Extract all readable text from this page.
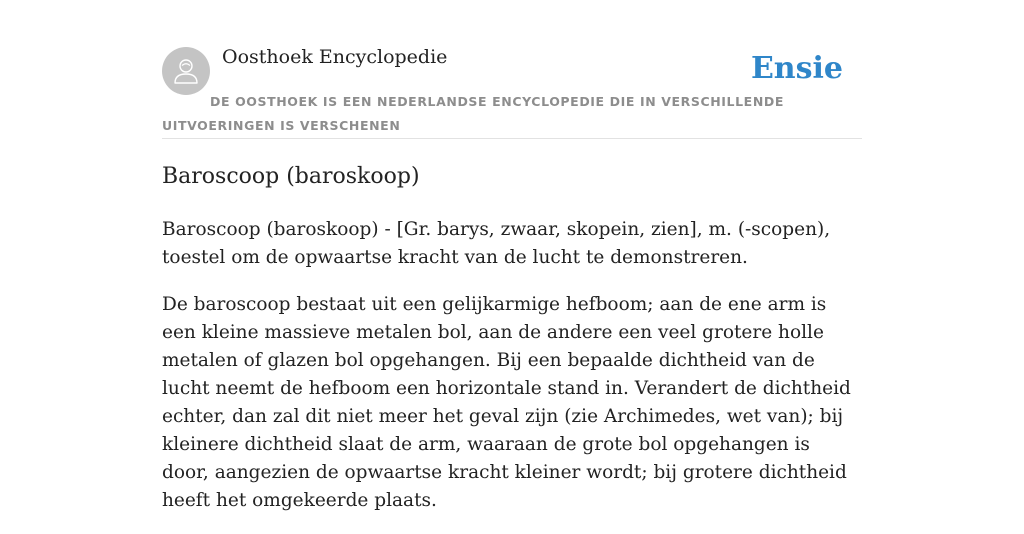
Oosthoek Encyclopedie	Ensie
DE OOSTHOEK IS EEN NEDERLANDSE ENCYCLOPEDIE DIE IN VERSCHILLENDE UITVOERINGEN IS VERSCHENEN
Baroscoop (baroskoop)

Baroscoop (baroskoop) - [Gr. barys, zwaar, skopein, zien], m. (-scopen), toestel om de opwaartse kracht van de lucht te demonstreren.

De baroscoop bestaat uit een gelijkarmige hefboom; aan de ene arm is een kleine massieve metalen bol, aan de andere een veel grotere holle metalen of glazen bol opgehangen. Bij een bepaalde dichtheid van de lucht neemt de hefboom een horizontale stand in. Verandert de dichtheid echter, dan zal dit niet meer het geval zijn (zie Archimedes, wet van); bij kleinere dichtheid slaat de arm, waaraan de grote bol opgehangen is door, aangezien de opwaartse kracht kleiner wordt; bij grotere dichtheid heeft het omgekeerde plaats.
